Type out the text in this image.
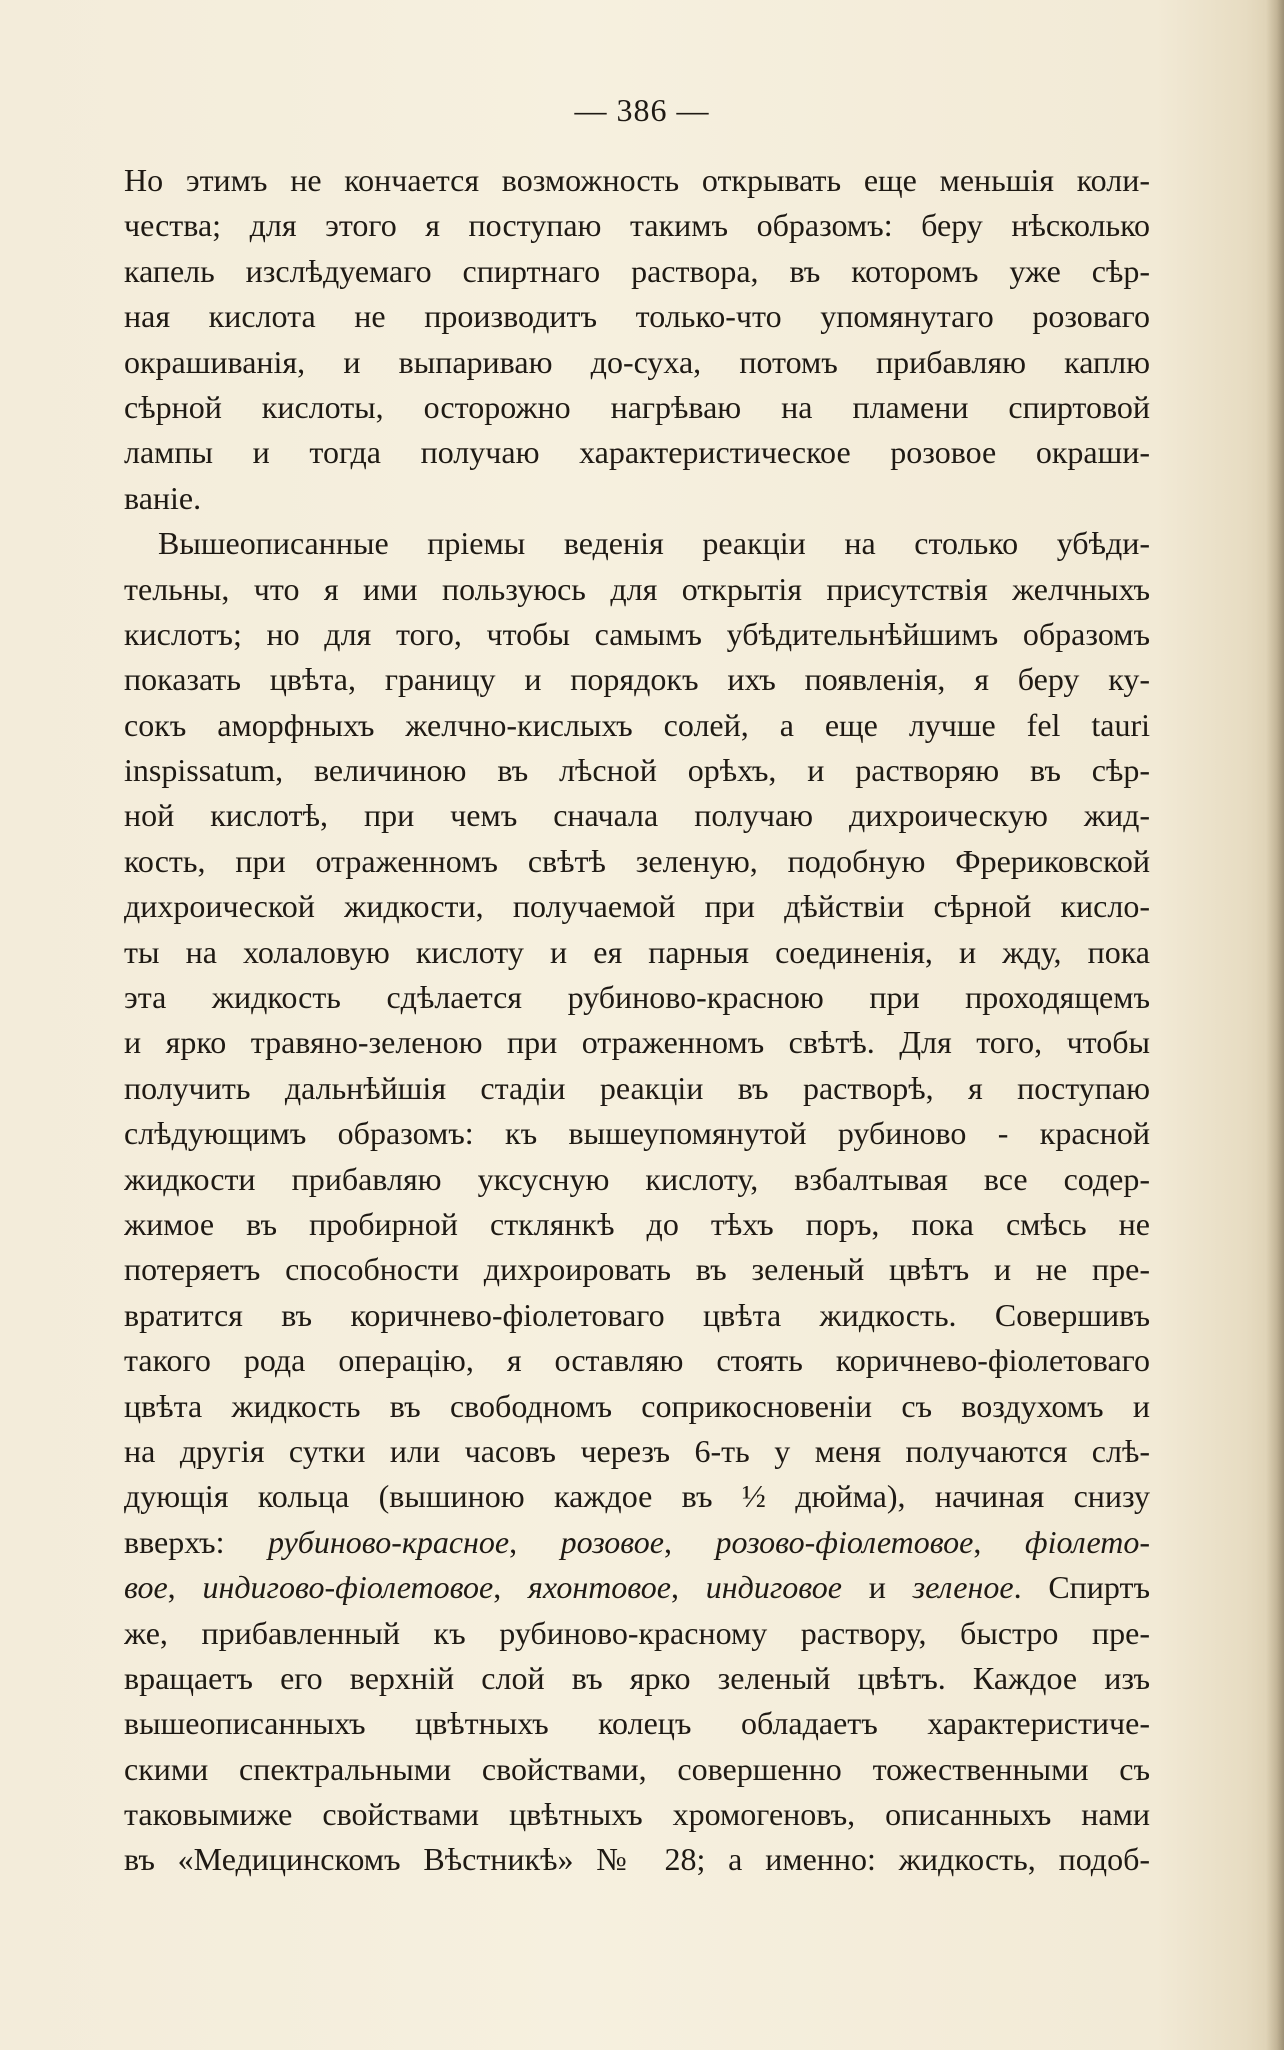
— 386 —
Но этимъ не кончается возможность открывать еще меньшія коли-
чества; для этого я поступаю такимъ образомъ: беру нѣсколько
капель изслѣдуемаго спиртнаго раствора, въ которомъ уже сѣр-
ная кислота не производитъ только-что упомянутаго розоваго
окрашиванія, и выпариваю до-суха, потомъ прибавляю каплю
сѣрной кислоты, осторожно нагрѣваю на пламени спиртовой
лампы и тогда получаю характеристическое розовое окраши-
ваніе.
Вышеописанные пріемы веденія реакціи на столько убѣди-
тельны, что я ими пользуюсь для открытія присутствія желчныхъ
кислотъ; но для того, чтобы самымъ убѣдительнѣйшимъ образомъ
показать цвѣта, границу и порядокъ ихъ появленія, я беру ку-
сокъ аморфныхъ желчно-кислыхъ солей, а еще лучше fel tauri
inspissatum, величиною въ лѣсной орѣхъ, и растворяю въ сѣр-
ной кислотѣ, при чемъ сначала получаю дихроическую жид-
кость, при отраженномъ свѣтѣ зеленую, подобную Фрериковской
дихроической жидкости, получаемой при дѣйствіи сѣрной кисло-
ты на холаловую кислоту и ея парныя соединенія, и жду, пока
эта жидкость сдѣлается рубиново-красною при проходящемъ
и ярко травяно-зеленою при отраженномъ свѣтѣ. Для того, чтобы
получить дальнѣйшія стадіи реакціи въ растворѣ, я поступаю
слѣдующимъ образомъ: къ вышеупомянутой рубиново - красной
жидкости прибавляю уксусную кислоту, взбалтывая все содер-
жимое въ пробирной стклянкѣ до тѣхъ поръ, пока смѣсь не
потеряетъ способности дихроировать въ зеленый цвѣтъ и не пре-
вратится въ коричнево-фіолетоваго цвѣта жидкость. Совершивъ
такого рода операцію, я оставляю стоять коричнево-фіолетоваго
цвѣта жидкость въ свободномъ соприкосновеніи съ воздухомъ и
на другія сутки или часовъ черезъ 6-ть у меня получаются слѣ-
дующія кольца (вышиною каждое въ ½ дюйма), начиная снизу
вверхъ: рубиново-красное, розовое, розово-фіолетовое, фіолето-
вое, индигово-фіолетовое, яхонтовое, индиговое и зеленое. Спиртъ
же, прибавленный къ рубиново-красному раствору, быстро пре-
вращаетъ его верхній слой въ ярко зеленый цвѣтъ. Каждое изъ
вышеописанныхъ цвѣтныхъ колецъ обладаетъ характеристиче-
скими спектральными свойствами, совершенно тожественными съ
таковымиже свойствами цвѣтныхъ хромогеновъ, описанныхъ нами
въ «Медицинскомъ Вѣстникѣ» № 28; а именно: жидкость, подоб-
